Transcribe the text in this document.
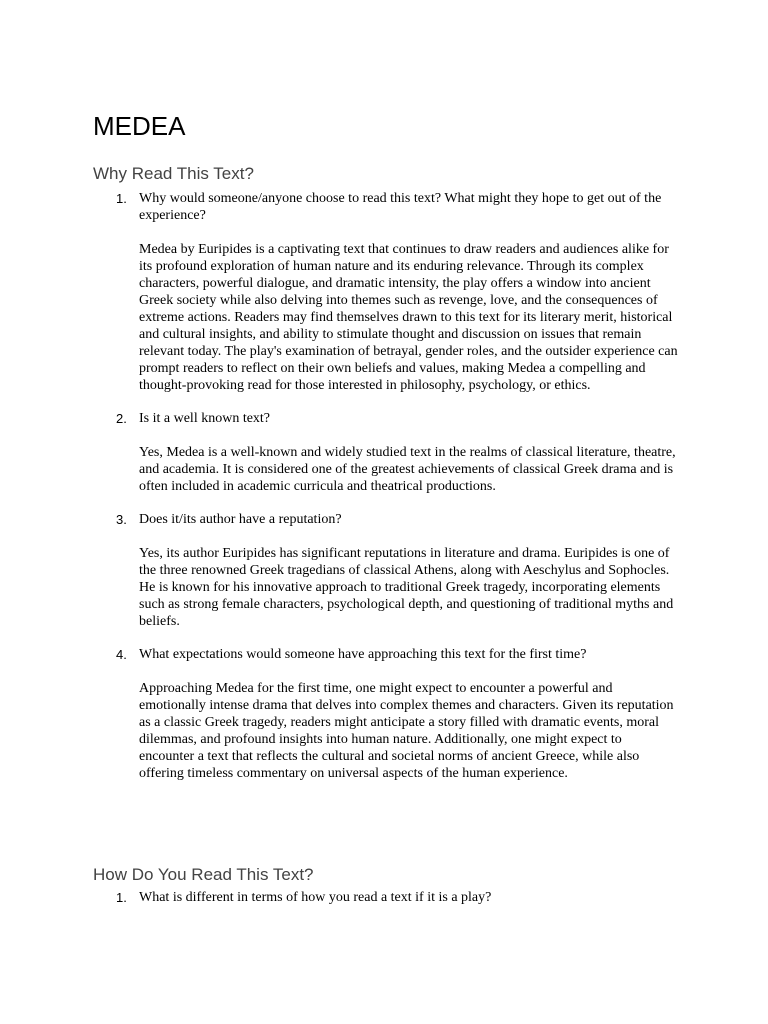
MEDEA
Why Read This Text?
1. Why would someone/anyone choose to read this text? What might they hope to get out of the experience?

Medea by Euripides is a captivating text that continues to draw readers and audiences alike for its profound exploration of human nature and its enduring relevance. Through its complex characters, powerful dialogue, and dramatic intensity, the play offers a window into ancient Greek society while also delving into themes such as revenge, love, and the consequences of extreme actions. Readers may find themselves drawn to this text for its literary merit, historical and cultural insights, and ability to stimulate thought and discussion on issues that remain relevant today. The play's examination of betrayal, gender roles, and the outsider experience can prompt readers to reflect on their own beliefs and values, making Medea a compelling and thought-provoking read for those interested in philosophy, psychology, or ethics.

2. Is it a well known text?

Yes, Medea is a well-known and widely studied text in the realms of classical literature, theatre, and academia. It is considered one of the greatest achievements of classical Greek drama and is often included in academic curricula and theatrical productions.

3. Does it/its author have a reputation?

Yes, its author Euripides has significant reputations in literature and drama. Euripides is one of the three renowned Greek tragedians of classical Athens, along with Aeschylus and Sophocles. He is known for his innovative approach to traditional Greek tragedy, incorporating elements such as strong female characters, psychological depth, and questioning of traditional myths and beliefs.

4. What expectations would someone have approaching this text for the first time?

Approaching Medea for the first time, one might expect to encounter a powerful and emotionally intense drama that delves into complex themes and characters. Given its reputation as a classic Greek tragedy, readers might anticipate a story filled with dramatic events, moral dilemmas, and profound insights into human nature. Additionally, one might expect to encounter a text that reflects the cultural and societal norms of ancient Greece, while also offering timeless commentary on universal aspects of the human experience.

How Do You Read This Text?
1. What is different in terms of how you read a text if it is a play?
